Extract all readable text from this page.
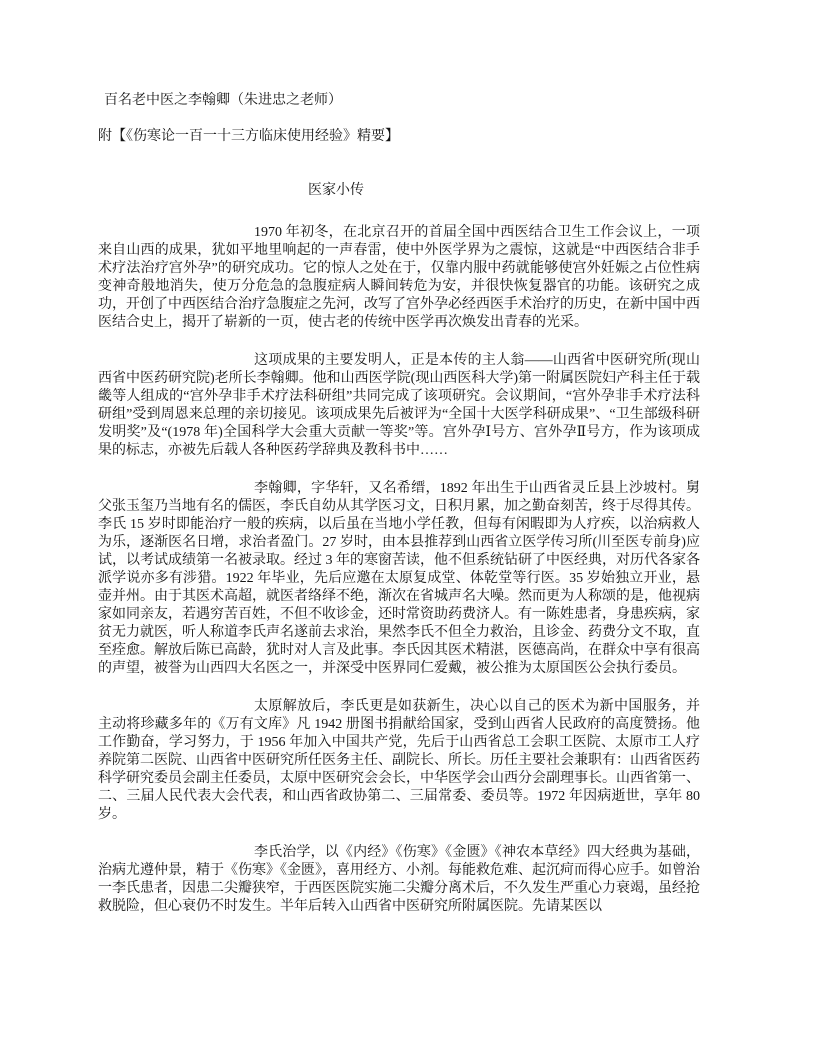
百名老中医之李翰卿（朱进忠之老师）
附【《伤寒论一百一十三方临床使用经验》精要】
医家小传

1970 年初冬，在北京召开的首届全国中西医结合卫生工作会议上，一项来自山西的成果，犹如平地里响起的一声春雷，使中外医学界为之震惊，这就是“中西医结合非手术疗法治疗宫外孕”的研究成功。它的惊人之处在于，仅靠内服中药就能够使宫外妊娠之占位性病变神奇般地消失，使万分危急的急腹症病人瞬间转危为安，并很快恢复器官的功能。该研究之成功，开创了中西医结合治疗急腹症之先河，改写了宫外孕必经西医手术治疗的历史，在新中国中西医结合史上，揭开了崭新的一页，使古老的传统中医学再次焕发出青春的光采。

这项成果的主要发明人，正是本传的主人翁——山西省中医研究所(现山西省中医药研究院)老所长李翰卿。他和山西医学院(现山西医科大学)第一附属医院妇产科主任于载畿等人组成的“宫外孕非手术疗法科研组”共同完成了该项研究。会议期间，“宫外孕非手术疗法科研组”受到周恩来总理的亲切接见。该项成果先后被评为“全国十大医学科研成果”、“卫生部级科研发明奖”及“(1978 年)全国科学大会重大贡献一等奖”等。宫外孕Ⅰ号方、宫外孕Ⅱ号方，作为该项成果的标志，亦被先后载人各种医药学辞典及教科书中……

李翰卿，字华轩，又名希缙，1892 年出生于山西省灵丘县上沙坡村。舅父张玉玺乃当地有名的儒医，李氏自幼从其学医习文，日积月累，加之勤奋刻苦，终于尽得其传。李氏 15 岁时即能治疗一般的疾病，以后虽在当地小学任教，但每有闲暇即为人疗疾，以治病救人为乐，逐渐医名日增，求治者盈门。27 岁时，由本县推荐到山西省立医学传习所(川至医专前身)应试，以考试成绩第一名被录取。经过 3 年的寒窗苦读，他不但系统钻研了中医经典，对历代各家各派学说亦多有涉猎。1922 年毕业，先后应邀在太原复成堂、体乾堂等行医。35 岁始独立开业，悬壶并州。由于其医术高超，就医者络绎不绝，渐次在省城声名大噪。然而更为人称颂的是，他视病家如同亲友，若遇穷苦百姓，不但不收诊金，还时常资助药费济人。有一陈姓患者，身患疾病，家贫无力就医，听人称道李氏声名遂前去求治，果然李氏不但全力救治，且诊金、药费分文不取，直至痊愈。解放后陈已高龄，犹时对人言及此事。李氏因其医术精湛，医德高尚，在群众中享有很高的声望，被誉为山西四大名医之一，并深受中医界同仁爱戴，被公推为太原国医公会执行委员。

太原解放后，李氏更是如获新生，决心以自己的医术为新中国服务，并主动将珍藏多年的《万有文库》凡 1942 册图书捐献给国家，受到山西省人民政府的高度赞扬。他工作勤奋，学习努力，于 1956 年加入中国共产党，先后于山西省总工会职工医院、太原市工人疗养院第二医院、山西省中医研究所任医务主任、副院长、所长。历任主要社会兼职有：山西省医药科学研究委员会副主任委员，太原中医研究会会长，中华医学会山西分会副理事长。山西省第一、二、三届人民代表大会代表，和山西省政协第二、三届常委、委员等。1972 年因病逝世，享年 80 岁。

李氏治学，以《内经》《伤寒》《金匮》《神农本草经》四大经典为基础，治病尤遵仲景，精于《伤寒》《金匮》，喜用经方、小剂。每能救危难、起沉疴而得心应手。如曾治一李氏患者，因患二尖瓣狭窄，于西医医院实施二尖瓣分离术后，不久发生严重心力衰竭，虽经抢救脱险，但心衰仍不时发生。半年后转入山西省中医研究所附属医院。先请某医以
